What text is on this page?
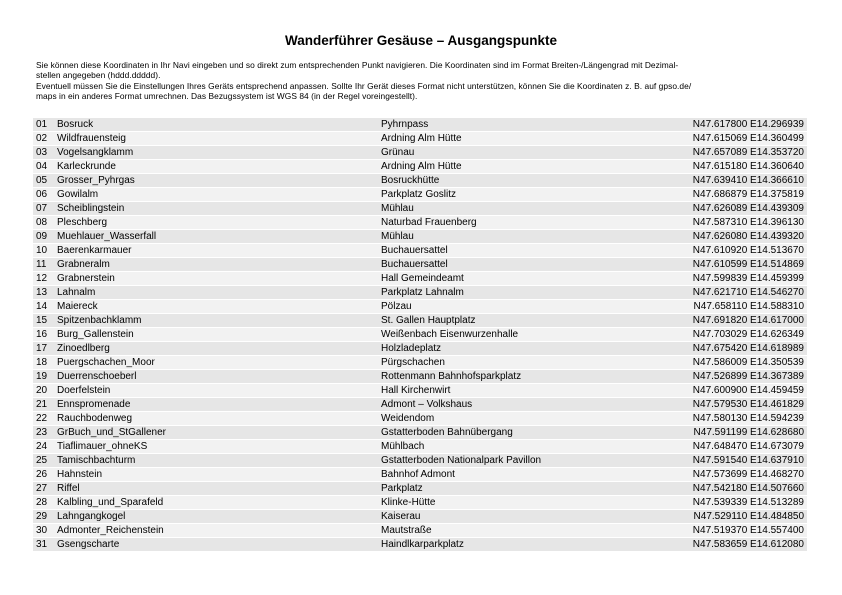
Wanderführer Gesäuse – Ausgangspunkte

Sie können diese Koordinaten in Ihr Navi eingeben und so direkt zum entsprechenden Punkt navigieren. Die Koordinaten sind im Format Breiten-/Längengrad mit Dezimal-

stellen angegeben (hddd.ddddd).

Eventuell müssen Sie die Einstellungen Ihres Geräts entsprechend anpassen. Sollte Ihr Gerät dieses Format nicht unterstützen, können Sie die Koordinaten z. B. auf gpso.de/

maps in ein anderes Format umrechnen. Das Bezugssystem ist WGS 84 (in der Regel voreingestellt).

01 Bosruck	Pyhrnpass	N47.617800 E14.296939
02 Wildfrauensteig	Ardning Alm Hütte	N47.615069 E14.360499
03 Vogelsangklamm	Grünau	N47.657089 E14.353720
04 Karleckrunde	Ardning Alm Hütte	N47.615180 E14.360640
05 Grosser_Pyhrgas	Bosruckhütte	N47.639410 E14.366610
06 Gowilalm	Parkplatz Goslitz	N47.686879 E14.375819
07 Scheiblingstein	Mühlau	N47.626089 E14.439309
08 Pleschberg	Naturbad Frauenberg	N47.587310 E14.396130
09 Muehlauer_Wasserfall	Mühlau	N47.626080 E14.439320
10 Baerenkarmauer	Buchauersattel	N47.610920 E14.513670
11 Grabneralm	Buchauersattel	N47.610599 E14.514869
12 Grabnerstein	Hall Gemeindeamt	N47.599839 E14.459399
13 Lahnalm	Parkplatz Lahnalm	N47.621710 E14.546270
14 Maiereck	Pölzau	N47.658110 E14.588310
15 Spitzenbachklamm	St. Gallen Hauptplatz	N47.691820 E14.617000
16 Burg_Gallenstein	Weißenbach Eisenwurzenhalle	N47.703029 E14.626349
17 Zinoedlberg	Holzladeplatz	N47.675420 E14.618989
18 Puergschachen_Moor	Pürgschachen	N47.586009 E14.350539
19 Duerrenschoeberl	Rottenmann Bahnhofsparkplatz	N47.526899 E14.367389
20 Doerfelstein	Hall Kirchenwirt	N47.600900 E14.459459
21 Ennspromenade	Admont – Volkshaus	N47.579530 E14.461829
22 Rauchbodenweg	Weidendom	N47.580130 E14.594239
23 GrBuch_und_StGallener	Gstatterboden Bahnübergang	N47.591199 E14.628680
24 Tiaflimauer_ohneKS	Mühlbach	N47.648470 E14.673079
25 Tamischbachturm	Gstatterboden Nationalpark Pavillon	N47.591540 E14.637910
26 Hahnstein	Bahnhof Admont	N47.573699 E14.468270
27 Riffel	Parkplatz	N47.542180 E14.507660
28 Kalbling_und_Sparafeld	Klinke-Hütte	N47.539339 E14.513289
29 Lahngangkogel	Kaiserau	N47.529110 E14.484850
30 Admonter_Reichenstein	Mautstraße	N47.519370 E14.557400
31 Gsengscharte	Haindlkarparkplatz	N47.583659 E14.612080
